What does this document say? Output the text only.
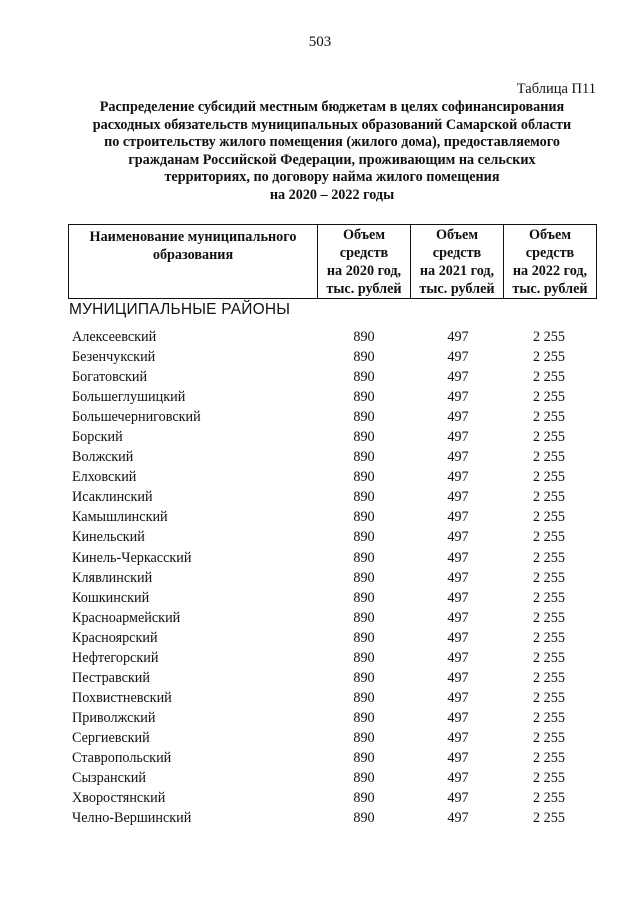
503
Таблица П11
Распределение субсидий местным бюджетам в целях софинансирования
расходных обязательств муниципальных образований Самарской области
по строительству жилого помещения (жилого дома), предоставляемого
гражданам Российской Федерации, проживающим на сельских
территориях, по договору найма жилого помещения
на 2020 – 2022 годы
Наименование муниципального
образования

Объем
средств
на 2020 год,
тыс. рублей

Объем
средств
на 2021 год,
тыс. рублей

Объем
средств
на 2022 год,
тыс. рублей
МУНИЦИПАЛЬНЫЕ РАЙОНЫ
Алексеевский	890	497	2 255
Безенчукский	890	497	2 255
Богатовский	890	497	2 255
Большеглушицкий	890	497	2 255
Большечерниговский	890	497	2 255
Борский	890	497	2 255
Волжский	890	497	2 255
Елховский	890	497	2 255
Исаклинский	890	497	2 255
Камышлинский	890	497	2 255
Кинельский	890	497	2 255
Кинель-Черкасский	890	497	2 255
Клявлинский	890	497	2 255
Кошкинский	890	497	2 255
Красноармейский	890	497	2 255
Красноярский	890	497	2 255
Нефтегорский	890	497	2 255
Пестравский	890	497	2 255
Похвистневский	890	497	2 255
Приволжский	890	497	2 255
Сергиевский	890	497	2 255
Ставропольский	890	497	2 255
Сызранский	890	497	2 255
Хворостянский	890	497	2 255
Челно-Вершинский	890	497	2 255
